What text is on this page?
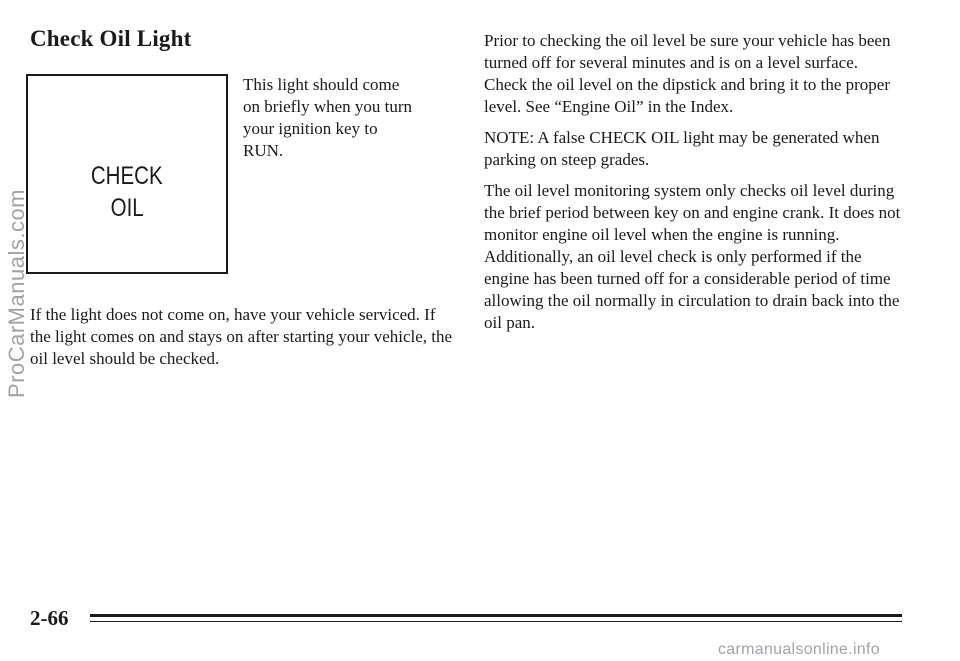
Check Oil Light
CHECK
OIL

This light should come on briefly when you turn your ignition key to RUN.

If the light does not come on, have your vehicle serviced. If the light comes on and stays on after starting your vehicle, the oil level should be checked.

Prior to checking the oil level be sure your vehicle has been turned off for several minutes and is on a level surface. Check the oil level on the dipstick and bring it to the proper level. See “Engine Oil” in the Index.

NOTE: A false CHECK OIL light may be generated when parking on steep grades.

The oil level monitoring system only checks oil level during the brief period between key on and engine crank. It does not monitor engine oil level when the engine is running. Additionally, an oil level check is only performed if the engine has been turned off for a considerable period of time allowing the oil normally in circulation to drain back into the oil pan.

ProCarManuals.com

2-66

carmanualsonline.info
